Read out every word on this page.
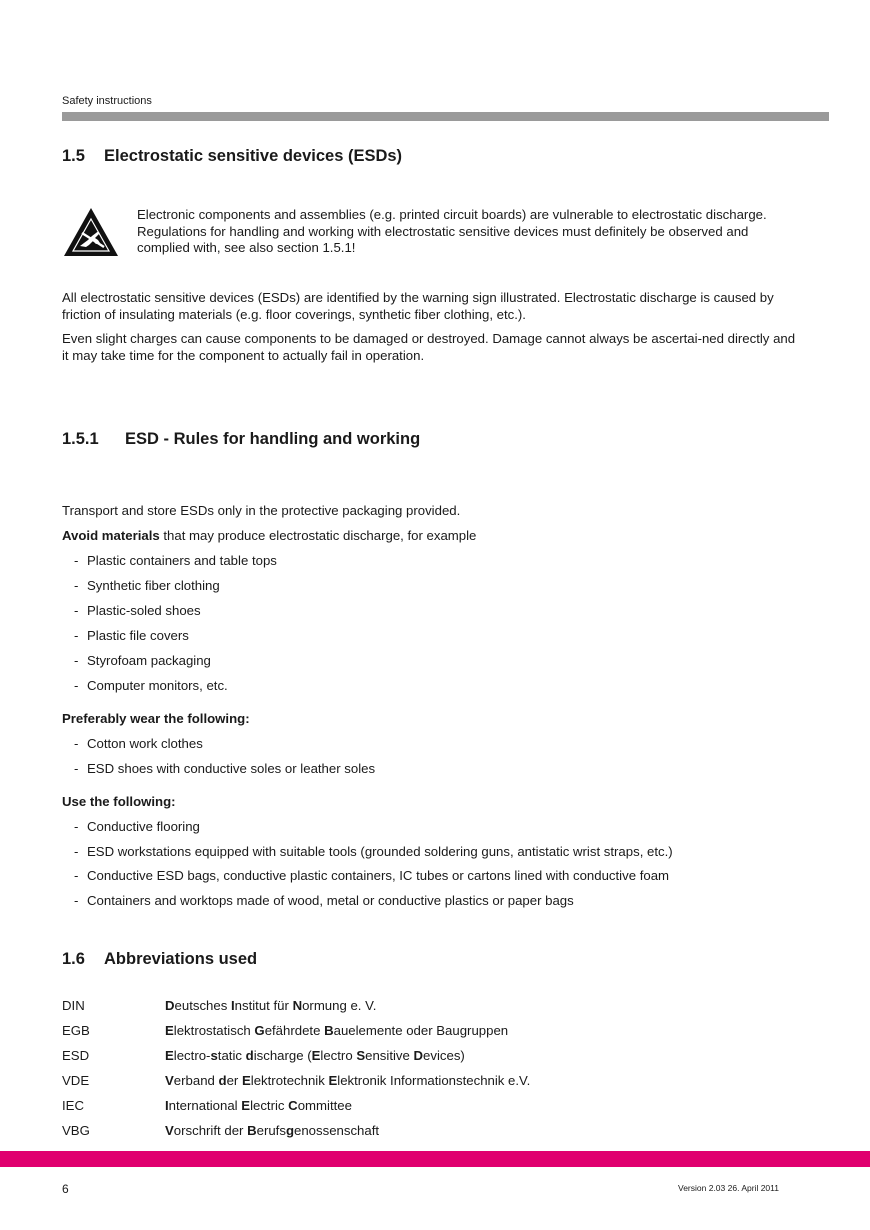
Safety instructions
1.5 Electrostatic sensitive devices (ESDs)

Electronic components and assemblies (e.g. printed circuit boards) are vulnerable to electrostatic discharge. Regulations for handling and working with electrostatic sensitive devices must definitely be observed and complied with, see also section 1.5.1!

All electrostatic sensitive devices (ESDs) are identified by the warning sign illustrated. Electrostatic discharge is caused by friction of insulating materials (e.g. floor coverings, synthetic fiber clothing, etc.).

Even slight charges can cause components to be damaged or destroyed. Damage cannot always be ascertai-ned directly and it may take time for the component to actually fail in operation.

1.5.1 ESD - Rules for handling and working
Transport and store ESDs only in the protective packaging provided.
Avoid materials that may produce electrostatic discharge, for example
- Plastic containers and table tops
- Synthetic fiber clothing
- Plastic-soled shoes
- Plastic file covers
- Styrofoam packaging
- Computer monitors, etc.
Preferably wear the following:
- Cotton work clothes
- ESD shoes with conductive soles or leather soles
Use the following:
- Conductive flooring
- ESD workstations equipped with suitable tools (grounded soldering guns, antistatic wrist straps, etc.)
- Conductive ESD bags, conductive plastic containers, IC tubes or cartons lined with conductive foam
- Containers and worktops made of wood, metal or conductive plastics or paper bags
1.6 Abbreviations used
DIN	Deutsches Institut für Normung e. V.
EGB	Elektrostatisch Gefährdete Bauelemente oder Baugruppen
ESD	Electro-static discharge (Electro Sensitive Devices)
VDE	Verband der Elektrotechnik Elektronik Informationstechnik e.V.
IEC	International Electric Committee
VBG	Vorschrift der Berufsgenossenschaft
6	Version 2.03 26. April 2011
